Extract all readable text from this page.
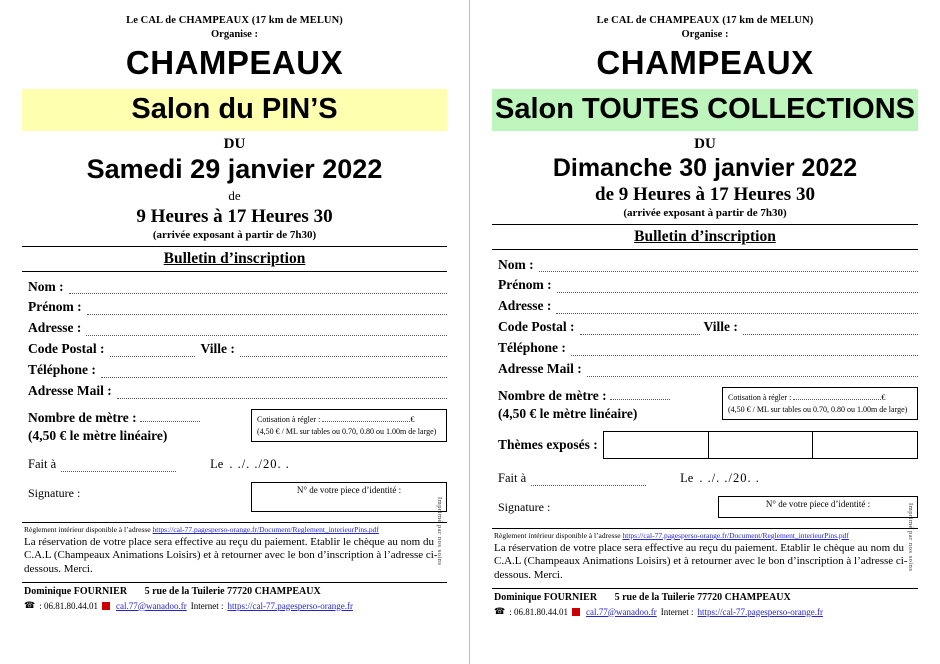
Le CAL de CHAMPEAUX (17 km de MELUN)
Organise :
CHAMPEAUX
Salon du PIN’S
DU
Samedi 29 janvier 2022
de
9 Heures à 17 Heures 30
(arrivée exposant à partir de 7h30)
Bulletin d’inscription
Nom :
Prénom :
Adresse :
Code Postal :	Ville :
Téléphone :
Adresse Mail :
Nombre de mètre :
(4,50 € le mètre linéaire)
Cotisation à régler :	€
(4,50 € / ML sur tables ou 0.70, 0.80 ou 1.00m de large)
Fait à	Le . ./. ./20. .
Signature :	N° de votre piece d’identité :
Règlement intérieur disponible à l’adresse https://cal-77.pagesperso-orange.fr/Document/Reglement_interieurPins.pdf
La réservation de votre place sera effective au reçu du paiement. Etablir le chèque au nom du C.A.L (Champeaux Animations Loisirs) et à retourner avec le bon d’inscription à l’adresse ci-dessous. Merci.
Dominique FOURNIER 5 rue de la Tuilerie 77720 CHAMPEAUX
☎ : 06.81.80.44.01 cal.77@wanadoo.fr Internet : https://cal-77.pagesperso-orange.fr
Imprimé par nos soins
Le CAL de CHAMPEAUX (17 km de MELUN)
Organise :
CHAMPEAUX
Salon TOUTES COLLECTIONS
DU
Dimanche 30 janvier 2022
de 9 Heures à 17 Heures 30
(arrivée exposant à partir de 7h30)
Bulletin d’inscription
Nom :
Prénom :
Adresse :
Code Postal :	Ville :
Téléphone :
Adresse Mail :
Nombre de mètre :
(4,50 € le mètre linéaire)
Cotisation à régler :	€
(4,50 € / ML sur tables ou 0.70, 0.80 ou 1.00m de large)
Thèmes exposés :
Fait à	Le . ./. ./20. .
Signature :	N° de votre piece d’identité :
Règlement intérieur disponible à l’adresse https://cal-77.pagesperso-orange.fr/Document/Reglement_interieurPins.pdf
La réservation de votre place sera effective au reçu du paiement. Etablir le chèque au nom du C.A.L (Champeaux Animations Loisirs) et à retourner avec le bon d’inscription à l’adresse ci-dessous. Merci.
Dominique FOURNIER 5 rue de la Tuilerie 77720 CHAMPEAUX
☎ : 06.81.80.44.01 cal.77@wanadoo.fr Internet : https://cal-77.pagesperso-orange.fr
Imprimé par nos soins
